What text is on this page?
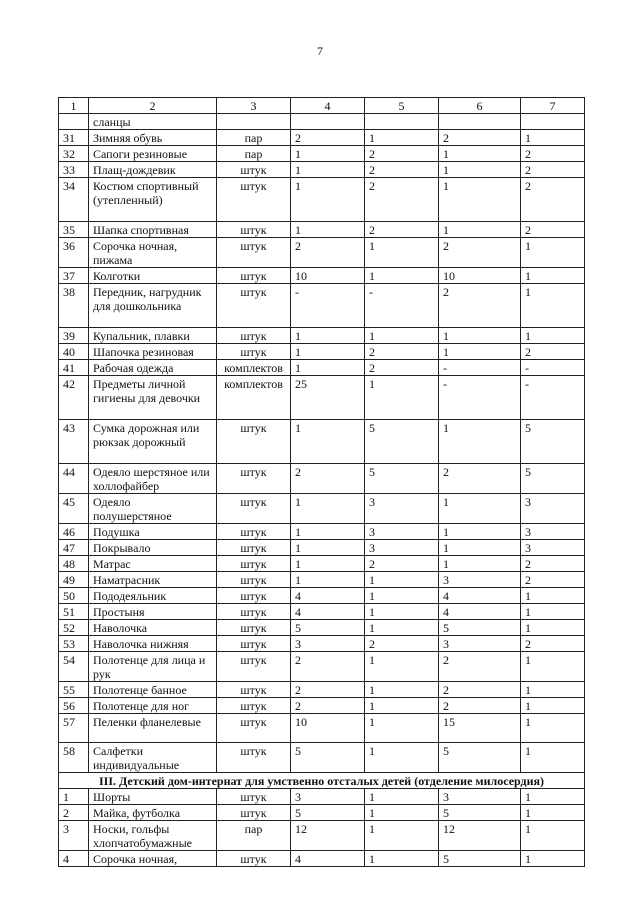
7
1	2	3	4	5	6	7
	сланцы					
31	Зимняя обувь	пар	2	1	2	1
32	Сапоги резиновые	пар	1	2	1	2
33	Плащ-дождевик	штук	1	2	1	2
34	Костюм спортивный (утепленный)	штук	1	2	1	2
35	Шапка спортивная	штук	1	2	1	2
36	Сорочка ночная, пижама	штук	2	1	2	1
37	Колготки	штук	10	1	10	1
38	Передник, нагрудник для дошкольника	штук	-	-	2	1
39	Купальник, плавки	штук	1	1	1	1
40	Шапочка резиновая	штук	1	2	1	2
41	Рабочая одежда	комплектов	1	2	-	-
42	Предметы личной гигиены для девочки	комплектов	25	1	-	-
43	Сумка дорожная или рюкзак дорожный	штук	1	5	1	5
44	Одеяло шерстяное или холлофайбер	штук	2	5	2	5
45	Одеяло полушерстяное	штук	1	3	1	3
46	Подушка	штук	1	3	1	3
47	Покрывало	штук	1	3	1	3
48	Матрас	штук	1	2	1	2
49	Наматрасник	штук	1	1	3	2
50	Пододеяльник	штук	4	1	4	1
51	Простыня	штук	4	1	4	1
52	Наволочка	штук	5	1	5	1
53	Наволочка нижняя	штук	3	2	3	2
54	Полотенце для лица и рук	штук	2	1	2	1
55	Полотенце банное	штук	2	1	2	1
56	Полотенце для ног	штук	2	1	2	1
57	Пеленки фланелевые	штук	10	1	15	1
58	Салфетки индивидуальные	штук	5	1	5	1
III. Детский дом-интернат для умственно отсталых детей (отделение милосердия)						
1	Шорты	штук	3	1	3	1
2	Майка, футболка	штук	5	1	5	1
3	Носки, гольфы хлопчатобумажные	пар	12	1	12	1
4	Сорочка ночная,	штук	4	1	5	1
